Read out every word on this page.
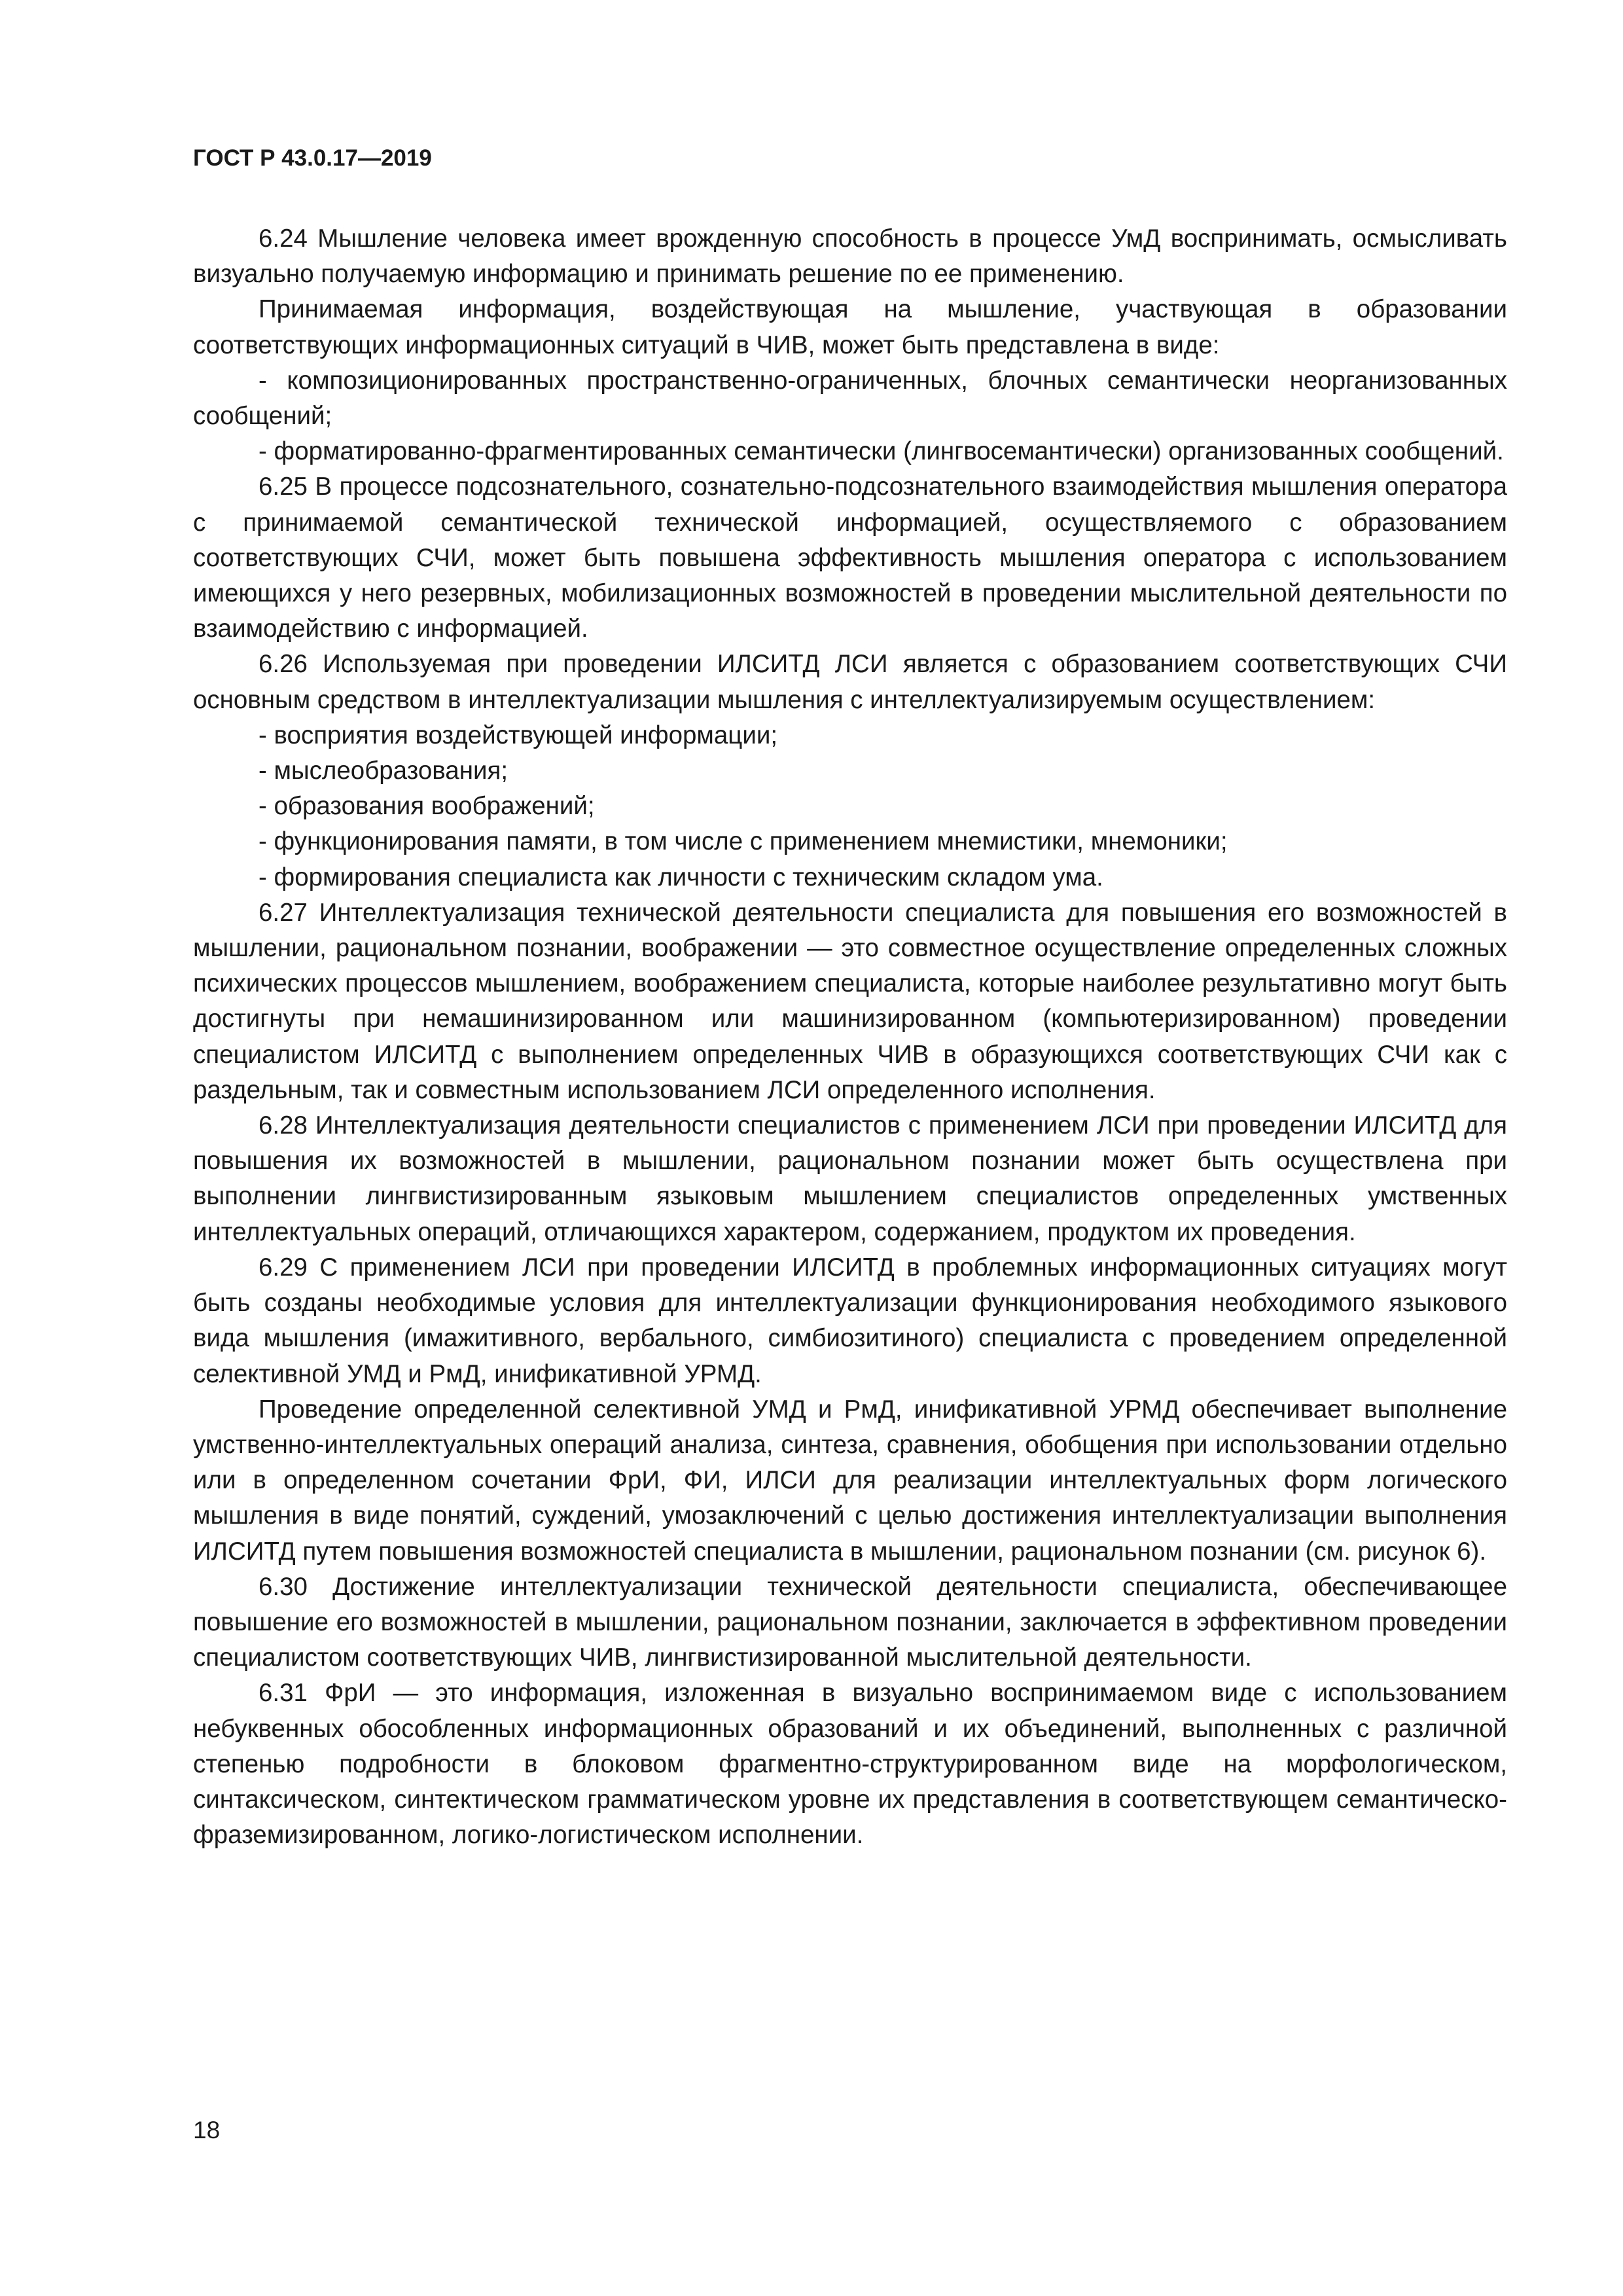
ГОСТ Р 43.0.17—2019

6.24 Мышление человека имеет врожденную способность в процессе УмД воспринимать, осмысливать визуально получаемую информацию и принимать решение по ее применению.

Принимаемая информация, воздействующая на мышление, участвующая в образовании соответствующих информационных ситуаций в ЧИВ, может быть представлена в виде:

- композиционированных пространственно-ограниченных, блочных семантически неорганизованных сообщений;

- форматированно-фрагментированных семантически (лингвосемантически) организованных сообщений.

6.25 В процессе подсознательного, сознательно-подсознательного взаимодействия мышления оператора с принимаемой семантической технической информацией, осуществляемого с образованием соответствующих СЧИ, может быть повышена эффективность мышления оператора с использованием имеющихся у него резервных, мобилизационных возможностей в проведении мыслительной деятельности по взаимодействию с информацией.

6.26 Используемая при проведении ИЛСИТД ЛСИ является с образованием соответствующих СЧИ основным средством в интеллектуализации мышления с интеллектуализируемым осуществлением:

- восприятия воздействующей информации;

- мыслеобразования;

- образования воображений;

- функционирования памяти, в том числе с применением мнемистики, мнемоники;

- формирования специалиста как личности с техническим складом ума.

6.27 Интеллектуализация технической деятельности специалиста для повышения его возможностей в мышлении, рациональном познании, воображении — это совместное осуществление определенных сложных психических процессов мышлением, воображением специалиста, которые наиболее результативно могут быть достигнуты при немашинизированном или машинизированном (компьютеризированном) проведении специалистом ИЛСИТД с выполнением определенных ЧИВ в образующихся соответствующих СЧИ как с раздельным, так и совместным использованием ЛСИ определенного исполнения.

6.28 Интеллектуализация деятельности специалистов с применением ЛСИ при проведении ИЛСИТД для повышения их возможностей в мышлении, рациональном познании может быть осуществлена при выполнении лингвистизированным языковым мышлением специалистов определенных умственных интеллектуальных операций, отличающихся характером, содержанием, продуктом их проведения.

6.29 С применением ЛСИ при проведении ИЛСИТД в проблемных информационных ситуациях могут быть созданы необходимые условия для интеллектуализации функционирования необходимого языкового вида мышления (имажитивного, вербального, симбиозитиного) специалиста с проведением определенной селективной УМД и РмД, инификативной УРМД.

Проведение определенной селективной УМД и РмД, инификативной УРМД обеспечивает выполнение умственно-интеллектуальных операций анализа, синтеза, сравнения, обобщения при использовании отдельно или в определенном сочетании ФрИ, ФИ, ИЛСИ для реализации интеллектуальных форм логического мышления в виде понятий, суждений, умозаключений с целью достижения интеллектуализации выполнения ИЛСИТД путем повышения возможностей специалиста в мышлении, рациональном познании (см. рисунок 6).

6.30 Достижение интеллектуализации технической деятельности специалиста, обеспечивающее повышение его возможностей в мышлении, рациональном познании, заключается в эффективном проведении специалистом соответствующих ЧИВ, лингвистизированной мыслительной деятельности.

6.31 ФрИ — это информация, изложенная в визуально воспринимаемом виде с использованием небуквенных обособленных информационных образований и их объединений, выполненных с различной степенью подробности в блоковом фрагментно-структурированном виде на морфологическом, синтаксическом, синтектическом грамматическом уровне их представления в соответствующем семантическо-фраземизированном, логико-логистическом исполнении.

18
